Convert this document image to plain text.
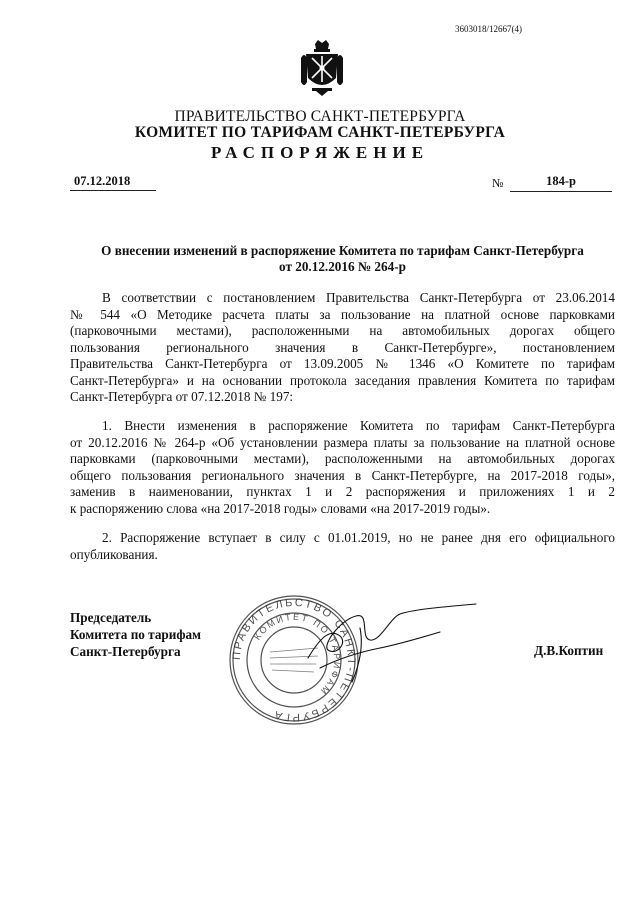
3603018/12667(4)
ПРАВИТЕЛЬСТВО САНКТ-ПЕТЕРБУРГА
КОМИТЕТ ПО ТАРИФАМ САНКТ-ПЕТЕРБУРГА
РАСПОРЯЖЕНИЕ
07.12.2018	№	184-р
О внесении изменений в распоряжение Комитета по тарифам Санкт-Петербурга
от 20.12.2016 № 264-р
В соответствии с постановлением Правительства Санкт-Петербурга от 23.06.2014
№ 544 «О Методике расчета платы за пользование на платной основе парковками
(парковочными местами), расположенными на автомобильных дорогах общего
пользования регионального значения в Санкт-Петербурге», постановлением
Правительства Санкт-Петербурга от 13.09.2005 № 1346 «О Комитете по тарифам
Санкт-Петербурга» и на основании протокола заседания правления Комитета по тарифам
Санкт-Петербурга от 07.12.2018 № 197:
1. Внести изменения в распоряжение Комитета по тарифам Санкт-Петербурга
от 20.12.2016 № 264-р «Об установлении размера платы за пользование на платной основе
парковками (парковочными местами), расположенными на автомобильных дорогах
общего пользования регионального значения в Санкт-Петербурге, на 2017-2018 годы»,
заменив в наименовании, пунктах 1 и 2 распоряжения и приложениях 1 и 2
к распоряжению слова «на 2017-2018 годы» словами «на 2017-2019 годы».
2. Распоряжение вступает в силу с 01.01.2019, но не ранее дня его официального
опубликования.
Председатель
Комитета по тарифам
Санкт-Петербурга	ПРАВИТЕЛЬСТВО САНКТ-ПЕТЕРБУРГА
КОМИТЕТ ПО ТАРИФАМ
Д.В.Коптин
